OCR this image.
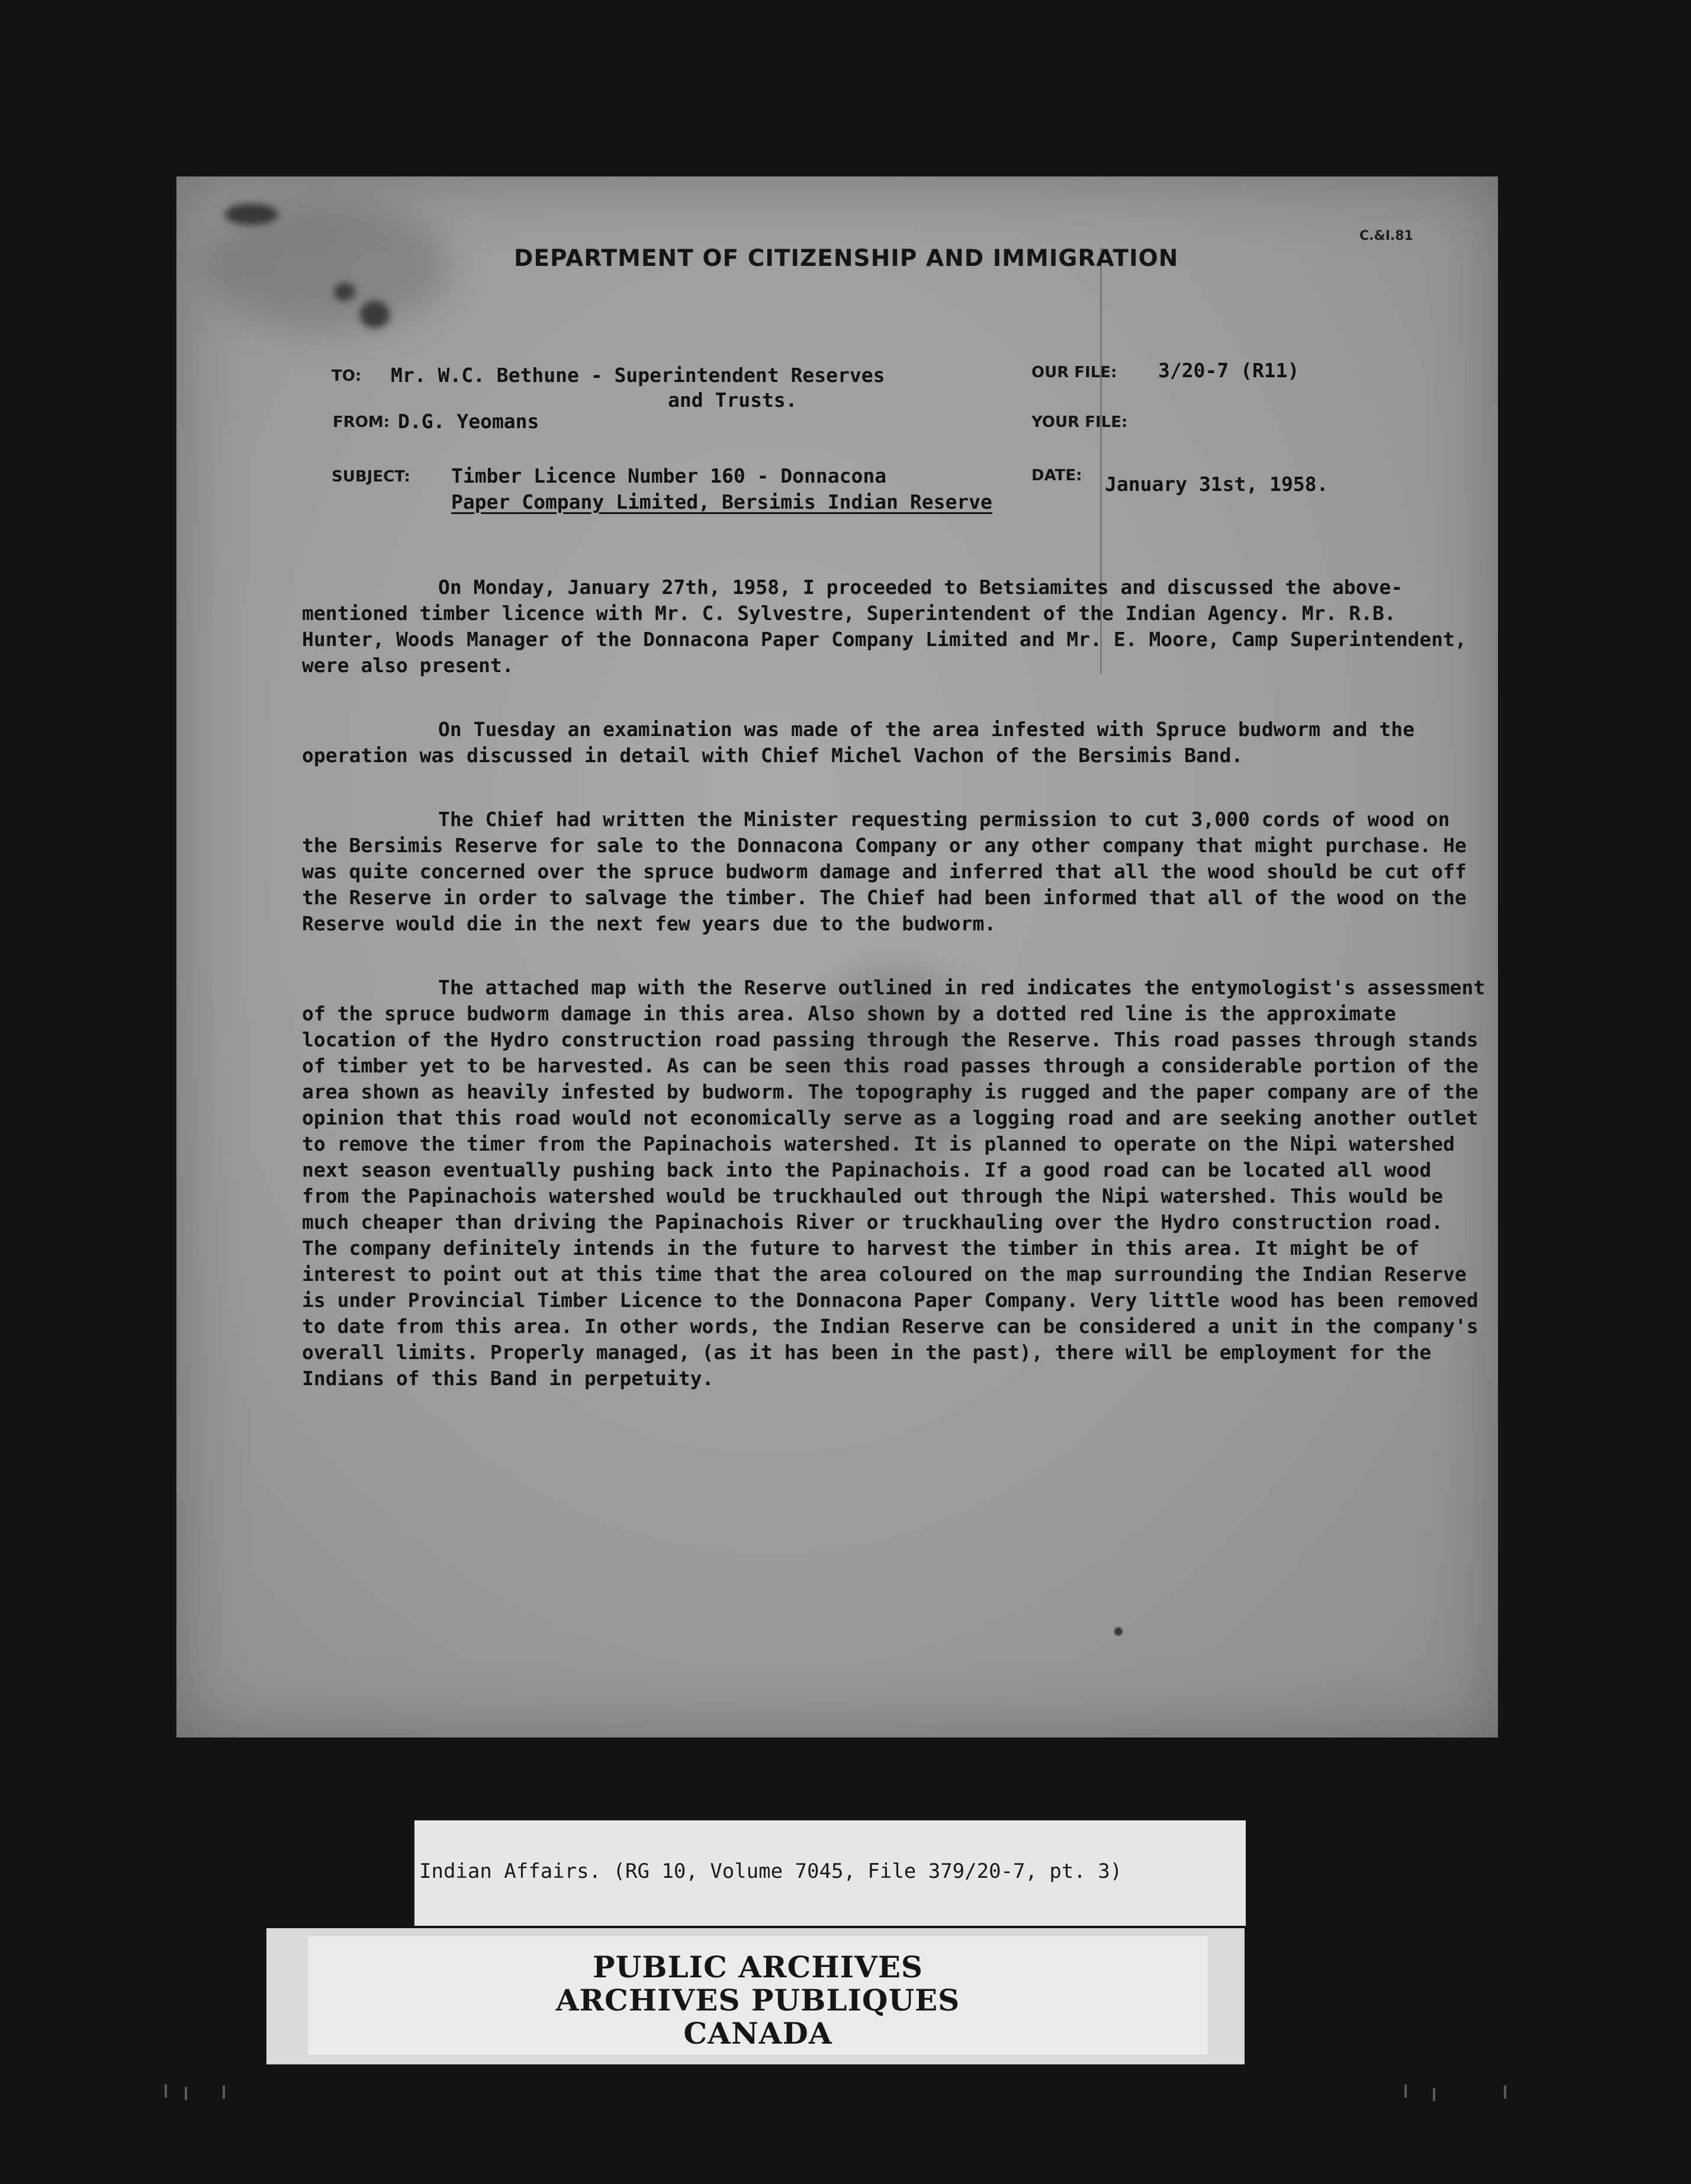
C.&I.81
DEPARTMENT OF CITIZENSHIP AND IMMIGRATION
TO: Mr. W.C. Bethune - Superintendent Reserves
and Trusts.
FROM: D.G. Yeomans
OUR FILE: 3/20-7 (R11)
YOUR FILE:
SUBJECT: Timber Licence Number 160 - Donnacona
Paper Company Limited, Bersimis Indian Reserve
DATE: January 31st, 1958.

On Monday, January 27th, 1958, I proceeded to Betsiamites and discussed the above-mentioned timber licence with Mr. C. Sylvestre, Superintendent of the Indian Agency. Mr. R.B. Hunter, Woods Manager of the Donnacona Paper Company Limited and Mr. E. Moore, Camp Superintendent, were also present.

On Tuesday an examination was made of the area infested with Spruce budworm and the operation was discussed in detail with Chief Michel Vachon of the Bersimis Band.

The Chief had written the Minister requesting permission to cut 3,000 cords of wood on the Bersimis Reserve for sale to the Donnacona Company or any other company that might purchase. He was quite concerned over the spruce budworm damage and inferred that all the wood should be cut off the Reserve in order to salvage the timber. The Chief had been informed that all of the wood on the Reserve would die in the next few years due to the budworm.

The attached map with the Reserve outlined in red indicates the entymologist's assessment of the spruce budworm damage in this area. Also shown by a dotted red line is the approximate location of the Hydro construction road passing through the Reserve. This road passes through stands of timber yet to be harvested. As can be seen this road passes through a considerable portion of the area shown as heavily infested by budworm. The topography is rugged and the paper company are of the opinion that this road would not economically serve as a logging road and are seeking another outlet to remove the timer from the Papinachois watershed. It is planned to operate on the Nipi watershed next season eventually pushing back into the Papinachois. If a good road can be located all wood from the Papinachois watershed would be truckhauled out through the Nipi watershed. This would be much cheaper than driving the Papinachois River or truckhauling over the Hydro construction road. The company definitely intends in the future to harvest the timber in this area. It might be of interest to point out at this time that the area coloured on the map surrounding the Indian Reserve is under Provincial Timber Licence to the Donnacona Paper Company. Very little wood has been removed to date from this area. In other words, the Indian Reserve can be considered a unit in the company's overall limits. Properly managed, (as it has been in the past), there will be employment for the Indians of this Band in perpetuity.

Indian Affairs. (RG 10, Volume 7045, File 379/20-7, pt. 3)
PUBLIC ARCHIVES
ARCHIVES PUBLIQUES
CANADA
